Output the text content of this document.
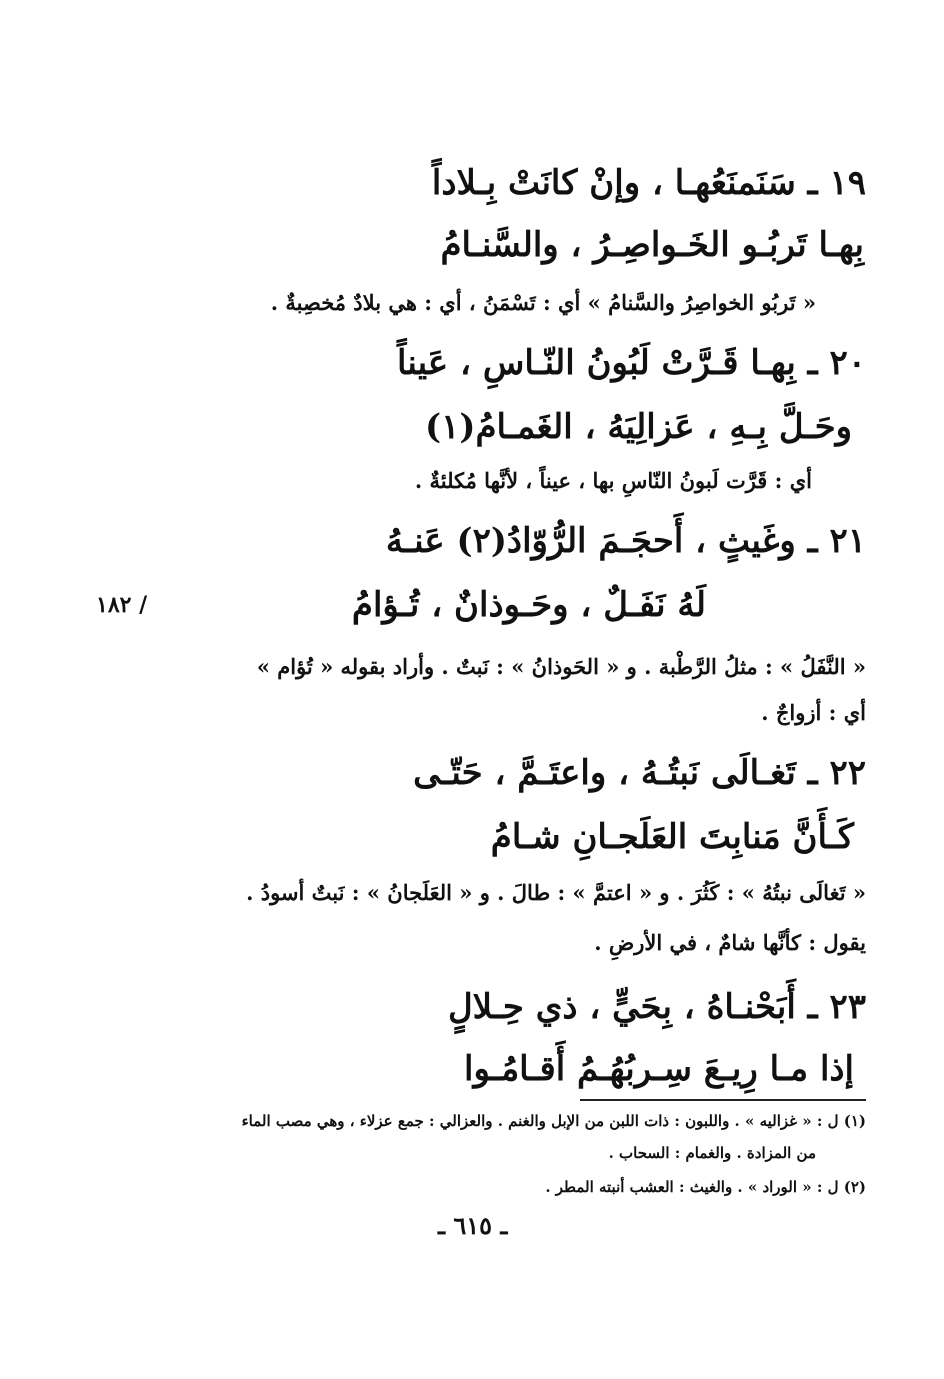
١٩ ـ سَنَمنَعُهـا ، وإنْ كانَتْ بِـلاداً
بِهـا تَربُـو الخَـواصِـرُ ، والسَّنـامُ
« تَربُو الخواصِرُ والسَّنامُ » أي : تَسْمَنُ ، أي : هي بلادٌ مُخصِبةٌ .
٢٠ ـ بِهـا قَـرَّتْ لَبُونُ النّـاسِ ، عَيناً
وحَـلَّ بِـهِ ، عَزالِيَهُ ، الغَمـامُ(١)
أي : قَرَّت لَبونُ النّاسِ بها ، عيناً ، لأنَّها مُكلئةٌ .
٢١ ـ وغَيثٍ ، أَحجَـمَ الرُّوّادُ(٢) عَنـهُ
لَهُ نَفَـلٌ ، وحَـوذانٌ ، تُـؤامُ
١٨٢ /
« النَّفَلُ » : مثلُ الرَّطْبة . و « الحَوذانُ » : نَبتٌ . وأراد بقوله « تُؤام »
أي : أزواجٌ .
٢٢ ـ تَغـالَى نَبتُـهُ ، واعتَـمَّ ، حَتّـى
كَـأَنَّ مَنابِتَ العَلَجـانِ شـامُ
« تَغالَى نبتُهُ » : كَثُرَ . و « اعتمَّ » : طالَ . و « العَلَجانُ » : نَبتٌ أسودُ .
يقول : كأنَّها شامٌ ، في الأرضِ .
٢٣ ـ أَبَحْنـاهُ ، بِحَيٍّ ، ذي حِـلالٍ
إذا مـا رِيـعَ سِـربُهُـمُ أَقـامُـوا
(١) ل : « غزاليه » . واللبون : ذات اللبن من الإبل والغنم . والعزالي : جمع عزلاء ، وهي مصب الماء
من المزادة . والغمام : السحاب .
(٢) ل : « الوراد » . والغيث : العشب أنبته المطر .
ـ ٦١٥ ـ
